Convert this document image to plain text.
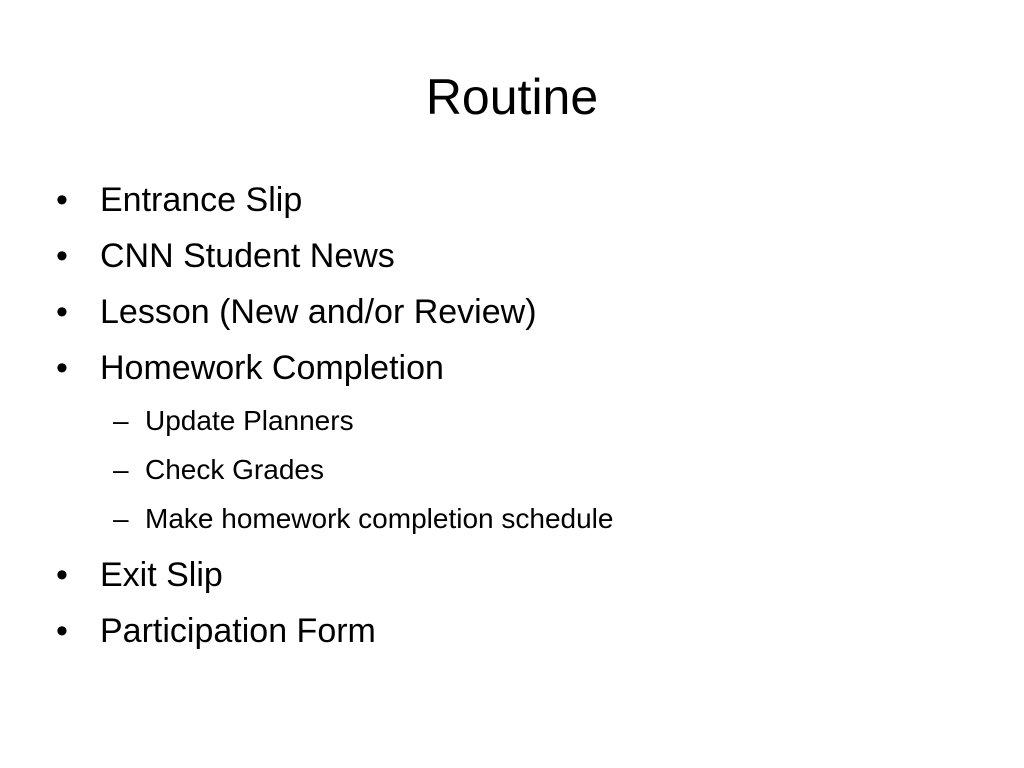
Routine
• Entrance Slip
• CNN Student News
• Lesson (New and/or Review)
• Homework Completion
– Update Planners
– Check Grades
– Make homework completion schedule
• Exit Slip
• Participation Form
